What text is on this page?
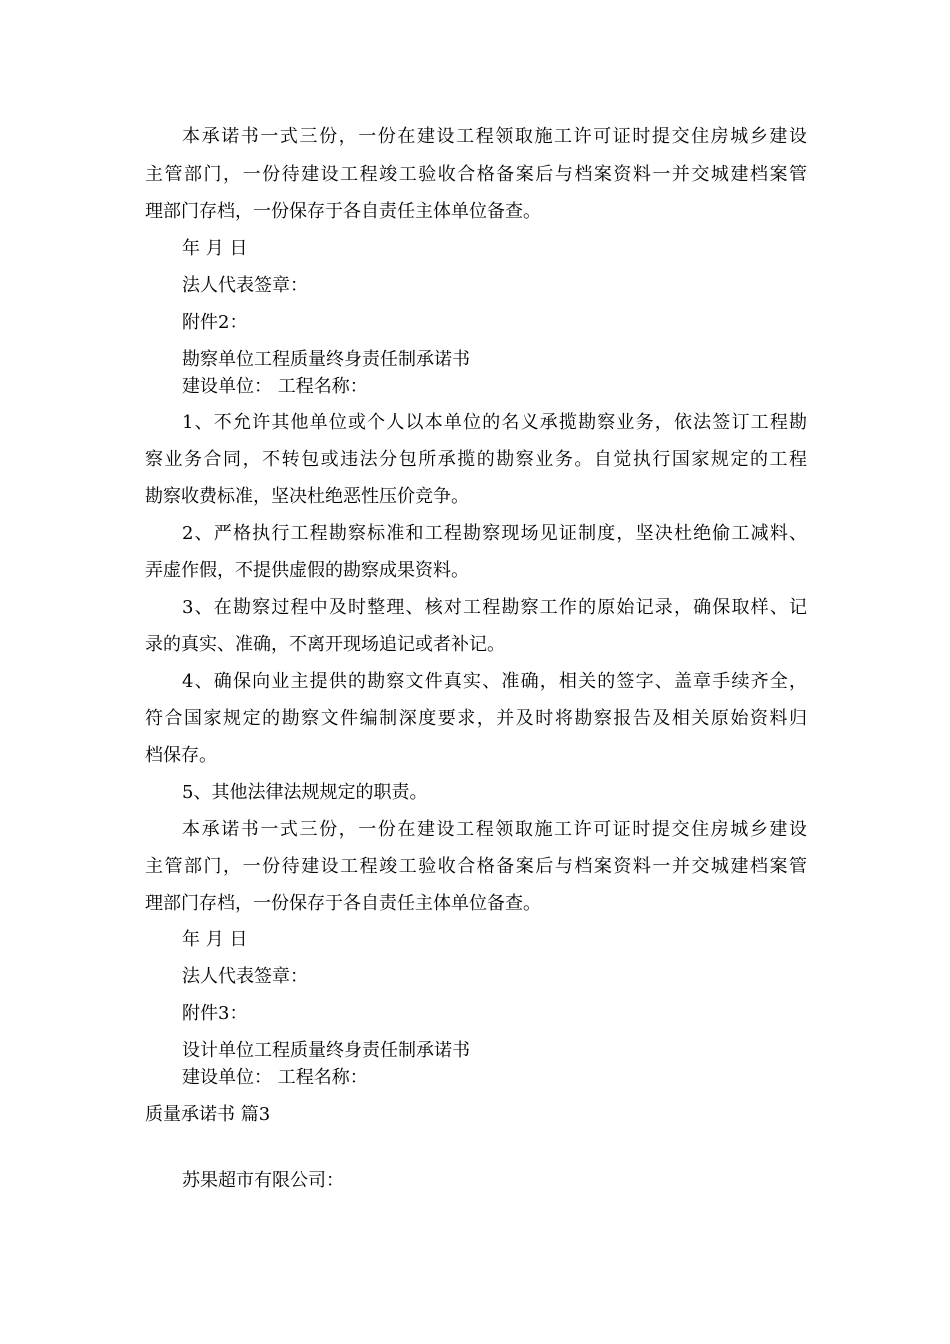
本承诺书一式三份，一份在建设工程领取施工许可证时提交住房城乡建设
主管部门，一份待建设工程竣工验收合格备案后与档案资料一并交城建档案管
理部门存档，一份保存于各自责任主体单位备查。
年 月 日
法人代表签章：
附件2：
勘察单位工程质量终身责任制承诺书
建设单位： 工程名称：
1、不允许其他单位或个人以本单位的名义承揽勘察业务，依法签订工程勘
察业务合同，不转包或违法分包所承揽的勘察业务。自觉执行国家规定的工程
勘察收费标准，坚决杜绝恶性压价竞争。
2、严格执行工程勘察标准和工程勘察现场见证制度，坚决杜绝偷工减料、
弄虚作假，不提供虚假的勘察成果资料。
3、在勘察过程中及时整理、核对工程勘察工作的原始记录，确保取样、记
录的真实、准确，不离开现场追记或者补记。
4、确保向业主提供的勘察文件真实、准确，相关的签字、盖章手续齐全，
符合国家规定的勘察文件编制深度要求，并及时将勘察报告及相关原始资料归
档保存。
5、其他法律法规规定的职责。
本承诺书一式三份，一份在建设工程领取施工许可证时提交住房城乡建设
主管部门，一份待建设工程竣工验收合格备案后与档案资料一并交城建档案管
理部门存档，一份保存于各自责任主体单位备查。
年 月 日
法人代表签章：
附件3：
设计单位工程质量终身责任制承诺书
建设单位： 工程名称：
质量承诺书 篇3
苏果超市有限公司：
